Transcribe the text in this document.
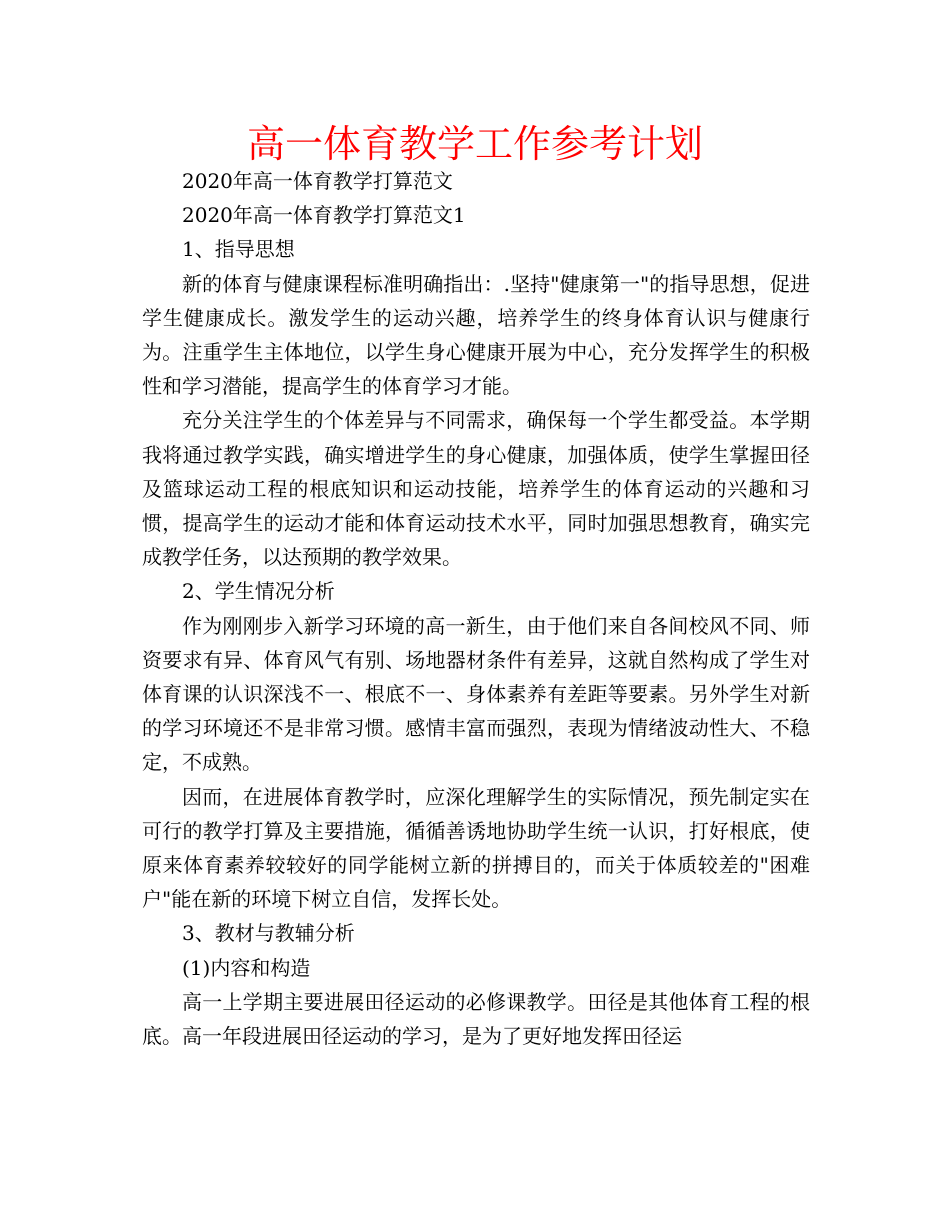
高一体育教学工作参考计划

2020年高一体育教学打算范文

2020年高一体育教学打算范文1

1、指导思想

新的体育与健康课程标准明确指出：.坚持"健康第一"的指导思想，促进学生健康成长。激发学生的运动兴趣，培养学生的终身体育认识与健康行为。注重学生主体地位，以学生身心健康开展为中心，充分发挥学生的积极性和学习潜能，提高学生的体育学习才能。

充分关注学生的个体差异与不同需求，确保每一个学生都受益。本学期我将通过教学实践，确实增进学生的身心健康，加强体质，使学生掌握田径及篮球运动工程的根底知识和运动技能，培养学生的体育运动的兴趣和习惯，提高学生的运动才能和体育运动技术水平，同时加强思想教育，确实完成教学任务，以达预期的教学效果。

2、学生情况分析

作为刚刚步入新学习环境的高一新生，由于他们来自各间校风不同、师资要求有异、体育风气有别、场地器材条件有差异，这就自然构成了学生对体育课的认识深浅不一、根底不一、身体素养有差距等要素。另外学生对新的学习环境还不是非常习惯。感情丰富而强烈，表现为情绪波动性大、不稳定，不成熟。

因而，在进展体育教学时，应深化理解学生的实际情况，预先制定实在可行的教学打算及主要措施，循循善诱地协助学生统一认识，打好根底，使原来体育素养较较好的同学能树立新的拼搏目的，而关于体质较差的"困难户"能在新的环境下树立自信，发挥长处。

3、教材与教辅分析

(1)内容和构造

高一上学期主要进展田径运动的必修课教学。田径是其他体育工程的根底。高一年段进展田径运动的学习，是为了更好地发挥田径运
